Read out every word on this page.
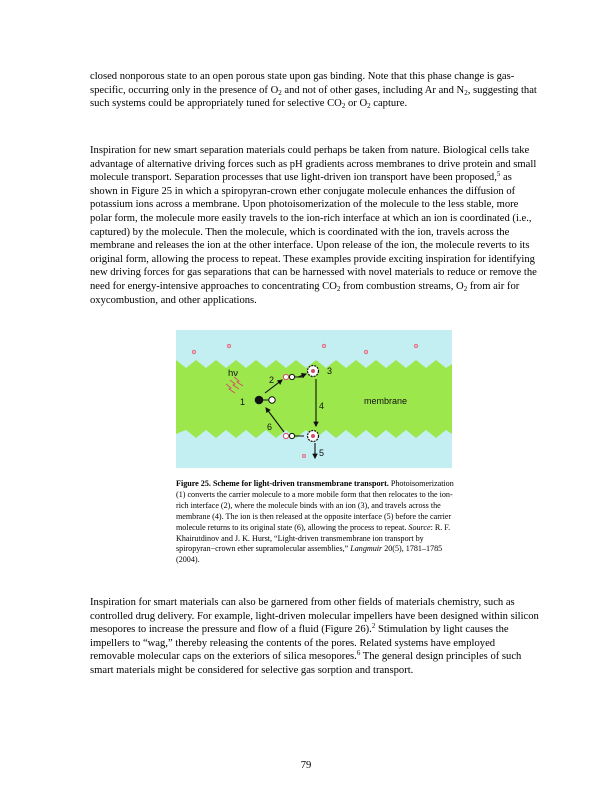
closed nonporous state to an open porous state upon gas binding. Note that this phase change is gas-specific, occurring only in the presence of $O_2$ and not of other gases, including Ar and $N_2$, suggesting that such systems could be appropriately tuned for selective $CO_2$ or $O_2$ capture.

Inspiration for new smart separation materials could perhaps be taken from nature. Biological cells take advantage of alternative driving forces such as pH gradients across membranes to drive protein and small molecule transport. Separation processes that use light-driven ion transport have been proposed,$^5$ as shown in Figure 25 in which a spiropyran-crown ether conjugate molecule enhances the diffusion of potassium ions across a membrane. Upon photoisomerization of the molecule to the less stable, more polar form, the molecule more easily travels to the ion-rich interface at which an ion is coordinated (i.e., captured) by the molecule. Then the molecule, which is coordinated with the ion, travels across the membrane and releases the ion at the other interface. Upon release of the ion, the molecule reverts to its original form, allowing the process to repeat. These examples provide exciting inspiration for identifying new driving forces for gas separations that can be harnessed with novel materials to reduce or remove the need for energy-intensive approaches to concentrating $CO_2$ from combustion streams, $O_2$ from air for oxycombustion, and other applications.

hν
1
2
3
4
5
6
membrane

Figure 25. Scheme for light-driven transmembrane transport. Photoisomerization (1) converts the carrier molecule to a more mobile form that then relocates to the ion-rich interface (2), where the molecule binds with an ion (3), and travels across the membrane (4). The ion is then released at the opposite interface (5) before the carrier molecule returns to its original state (6), allowing the process to repeat. Source: R. F. Khairutdinov and J. K. Hurst, “Light-driven transmembrane ion transport by spiropyran−crown ether supramolecular assemblies,” Langmuir 20(5), 1781–1785 (2004).

Inspiration for smart materials can also be garnered from other fields of materials chemistry, such as controlled drug delivery. For example, light-driven molecular impellers have been designed within silicon mesopores to increase the pressure and flow of a fluid (Figure 26).$^2$ Stimulation by light causes the impellers to “wag,” thereby releasing the contents of the pores. Related systems have employed removable molecular caps on the exteriors of silica mesopores.$^6$ The general design principles of such smart materials might be considered for selective gas sorption and transport.

79
